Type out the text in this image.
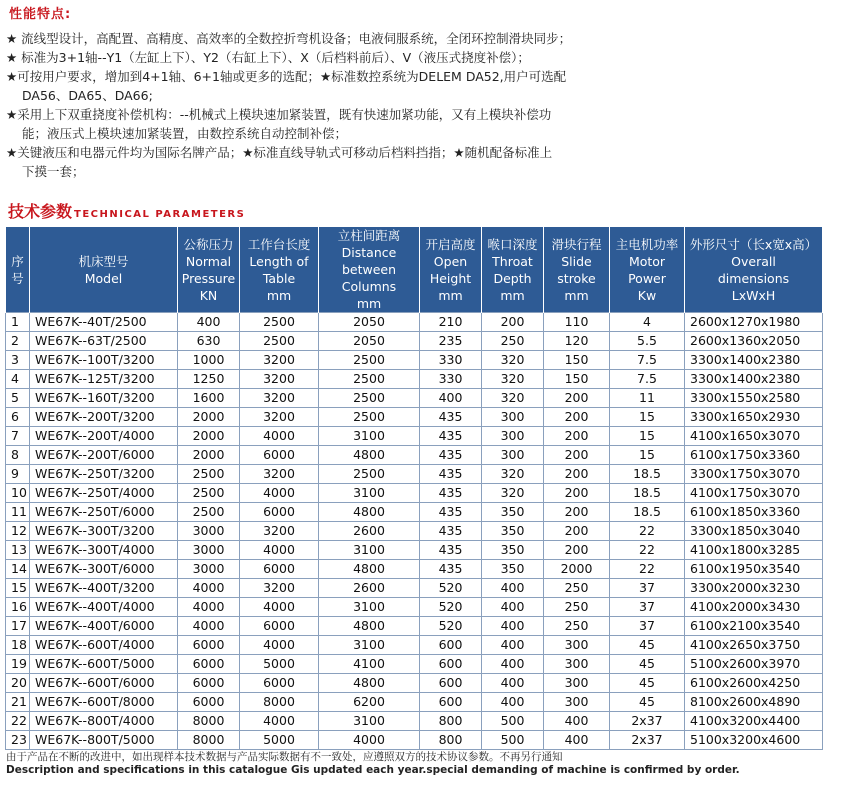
性能特点:
★ 流线型设计，高配置、高精度、高效率的全数控折弯机设备；电液伺服系统，全闭环控制滑块同步；
★ 标准为3+1轴--Y1（左缸上下）、Y2（右缸上下）、X（后档料前后）、V（液压式挠度补偿）；
★可按用户要求，增加到4+1轴、6+1轴或更多的选配；★标准数控系统为DELEM DA52,用户可选配
DA56、DA65、DA66;
★采用上下双重挠度补偿机构：--机械式上模块速加紧装置，既有快速加紧功能，又有上模块补偿功
能；液压式上模块速加紧装置，由数控系统自动控制补偿；
★关键液压和电器元件均为国际名牌产品；★标准直线导轨式可移动后档料挡指；★随机配备标准上
下摸一套；
技术参数 TECHNICAL PARAMETERS
序
号	机床型号
Model	公称压力
Normal
Pressure
KN	工作台长度
Length of
Table
mm	立柱间距离
Distance between
Columns
mm	开启高度
Open
Height
mm	喉口深度
Throat
Depth
mm	滑块行程
Slide
stroke
mm	主电机功率
Motor
Power
Kw	外形尺寸（长x宽x高）
Overall
dimensions
LxWxH

1	WE67K--40T/2500	400	2500	2050	210	200	110	4	2600x1270x1980
2	WE67K--63T/2500	630	2500	2050	235	250	120	5.5	2600x1360x2050
3	WE67K--100T/3200	1000	3200	2500	330	320	150	7.5	3300x1400x2380
4	WE67K--125T/3200	1250	3200	2500	330	320	150	7.5	3300x1400x2380
5	WE67K--160T/3200	1600	3200	2500	400	320	200	11	3300x1550x2580
6	WE67K--200T/3200	2000	3200	2500	435	300	200	15	3300x1650x2930
7	WE67K--200T/4000	2000	4000	3100	435	300	200	15	4100x1650x3070
8	WE67K--200T/6000	2000	6000	4800	435	300	200	15	6100x1750x3360
9	WE67K--250T/3200	2500	3200	2500	435	320	200	18.5	3300x1750x3070
10	WE67K--250T/4000	2500	4000	3100	435	320	200	18.5	4100x1750x3070
11	WE67K--250T/6000	2500	6000	4800	435	350	200	18.5	6100x1850x3360
12	WE67K--300T/3200	3000	3200	2600	435	350	200	22	3300x1850x3040
13	WE67K--300T/4000	3000	4000	3100	435	350	200	22	4100x1800x3285
14	WE67K--300T/6000	3000	6000	4800	435	350	2000	22	6100x1950x3540
15	WE67K--400T/3200	4000	3200	2600	520	400	250	37	3300x2000x3230
16	WE67K--400T/4000	4000	4000	3100	520	400	250	37	4100x2000x3430
17	WE67K--400T/6000	4000	6000	4800	520	400	250	37	6100x2100x3540
18	WE67K--600T/4000	6000	4000	3100	600	400	300	45	4100x2650x3750
19	WE67K--600T/5000	6000	5000	4100	600	400	300	45	5100x2600x3970
20	WE67K--600T/6000	6000	6000	4800	600	400	300	45	6100x2600x4250
21	WE67K--600T/8000	6000	8000	6200	600	400	300	45	8100x2600x4890
22	WE67K--800T/4000	8000	4000	3100	800	500	400	2x37	4100x3200x4400
23	WE67K--800T/5000	8000	5000	4000	800	500	400	2x37	5100x3200x4600
由于产品在不断的改进中，如出现样本技术数据与产品实际数据有不一致处，应遵照双方的技术协议参数。不再另行通知
Description and specifications in this catalogue Gis updated each year.special demanding of machine is confirmed by order.
